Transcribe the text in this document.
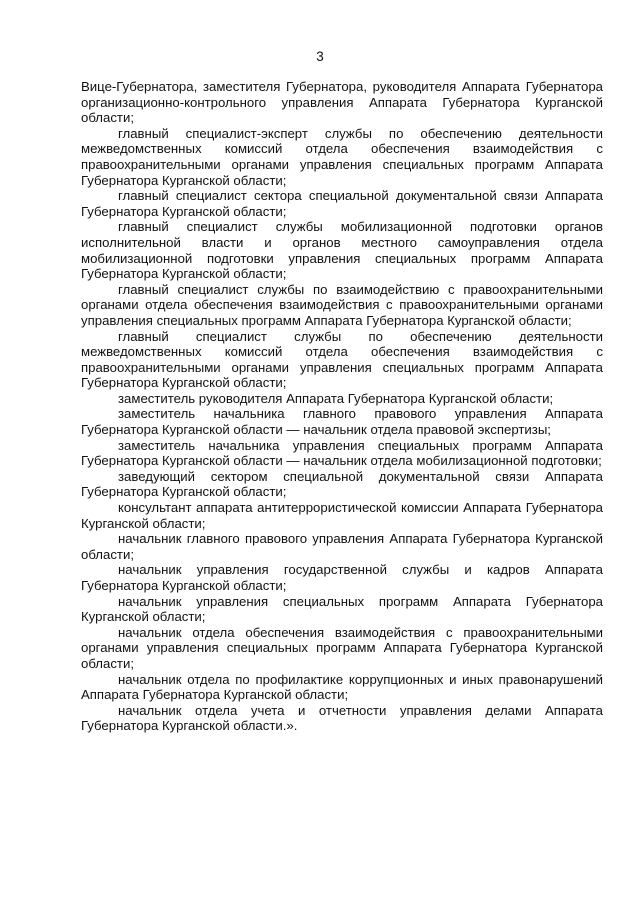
3

Вице-Губернатора, заместителя Губернатора, руководителя Аппарата Губернатора организационно-контрольного управления Аппарата Губернатора Курганской области;

главный специалист-эксперт службы по обеспечению деятельности межведомственных комиссий отдела обеспечения взаимодействия с правоохранительными органами управления специальных программ Аппарата Губернатора Курганской области;

главный специалист сектора специальной документальной связи Аппарата Губернатора Курганской области;

главный специалист службы мобилизационной подготовки органов исполнительной власти и органов местного самоуправления отдела мобилизационной подготовки управления специальных программ Аппарата Губернатора Курганской области;

главный специалист службы по взаимодействию с правоохранительными органами отдела обеспечения взаимодействия с правоохранительными органами управления специальных программ Аппарата Губернатора Курганской области;

главный специалист службы по обеспечению деятельности межведомственных комиссий отдела обеспечения взаимодействия с правоохранительными органами управления специальных программ Аппарата Губернатора Курганской области;

заместитель руководителя Аппарата Губернатора Курганской области;

заместитель начальника главного правового управления Аппарата Губернатора Курганской области — начальник отдела правовой экспертизы;

заместитель начальника управления специальных программ Аппарата Губернатора Курганской области — начальник отдела мобилизационной подготовки;

заведующий сектором специальной документальной связи Аппарата Губернатора Курганской области;

консультант аппарата антитеррористической комиссии Аппарата Губернатора Курганской области;

начальник главного правового управления Аппарата Губернатора Курганской области;

начальник управления государственной службы и кадров Аппарата Губернатора Курганской области;

начальник управления специальных программ Аппарата Губернатора Курганской области;

начальник отдела обеспечения взаимодействия с правоохранительными органами управления специальных программ Аппарата Губернатора Курганской области;

начальник отдела по профилактике коррупционных и иных правонарушений Аппарата Губернатора Курганской области;

начальник отдела учета и отчетности управления делами Аппарата Губернатора Курганской области.».
